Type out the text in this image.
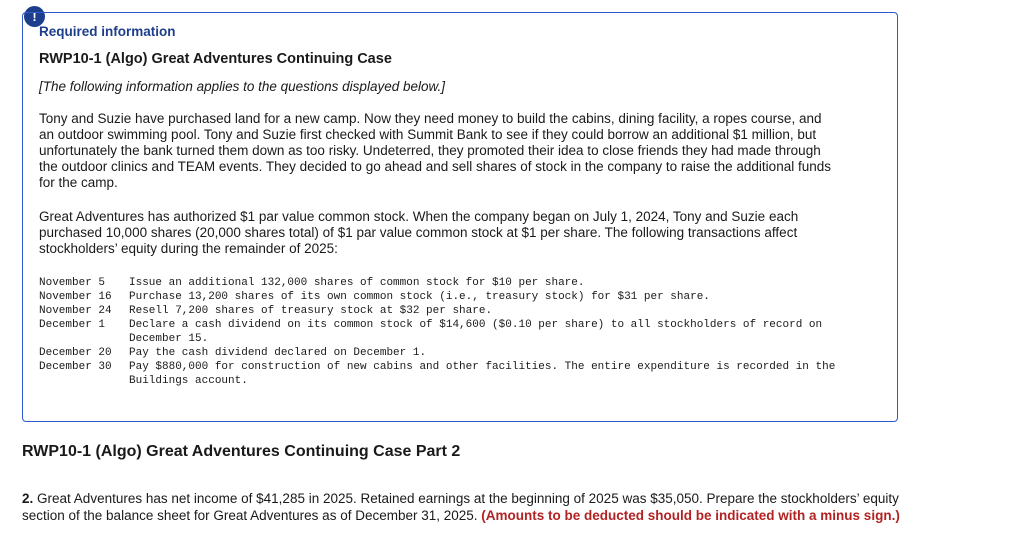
!
Required information
RWP10-1 (Algo) Great Adventures Continuing Case
[The following information applies to the questions displayed below.]
Tony and Suzie have purchased land for a new camp. Now they need money to build the cabins, dining facility, a ropes course, and an outdoor swimming pool. Tony and Suzie first checked with Summit Bank to see if they could borrow an additional $1 million, but unfortunately the bank turned them down as too risky. Undeterred, they promoted their idea to close friends they had made through the outdoor clinics and TEAM events. They decided to go ahead and sell shares of stock in the company to raise the additional funds for the camp.
Great Adventures has authorized $1 par value common stock. When the company began on July 1, 2024, Tony and Suzie each purchased 10,000 shares (20,000 shares total) of $1 par value common stock at $1 per share. The following transactions affect stockholders’ equity during the remainder of 2025:
November 5	Issue an additional 132,000 shares of common stock for $10 per share.
November 16	Purchase 13,200 shares of its own common stock (i.e., treasury stock) for $31 per share.
November 24	Resell 7,200 shares of treasury stock at $32 per share.
December 1	Declare a cash dividend on its common stock of $14,600 ($0.10 per share) to all stockholders of record on December 15.
December 20	Pay the cash dividend declared on December 1.
December 30	Pay $880,000 for construction of new cabins and other facilities. The entire expenditure is recorded in the Buildings account.
RWP10-1 (Algo) Great Adventures Continuing Case Part 2
2. Great Adventures has net income of $41,285 in 2025. Retained earnings at the beginning of 2025 was $35,050. Prepare the stockholders’ equity section of the balance sheet for Great Adventures as of December 31, 2025. (Amounts to be deducted should be indicated with a minus sign.)
